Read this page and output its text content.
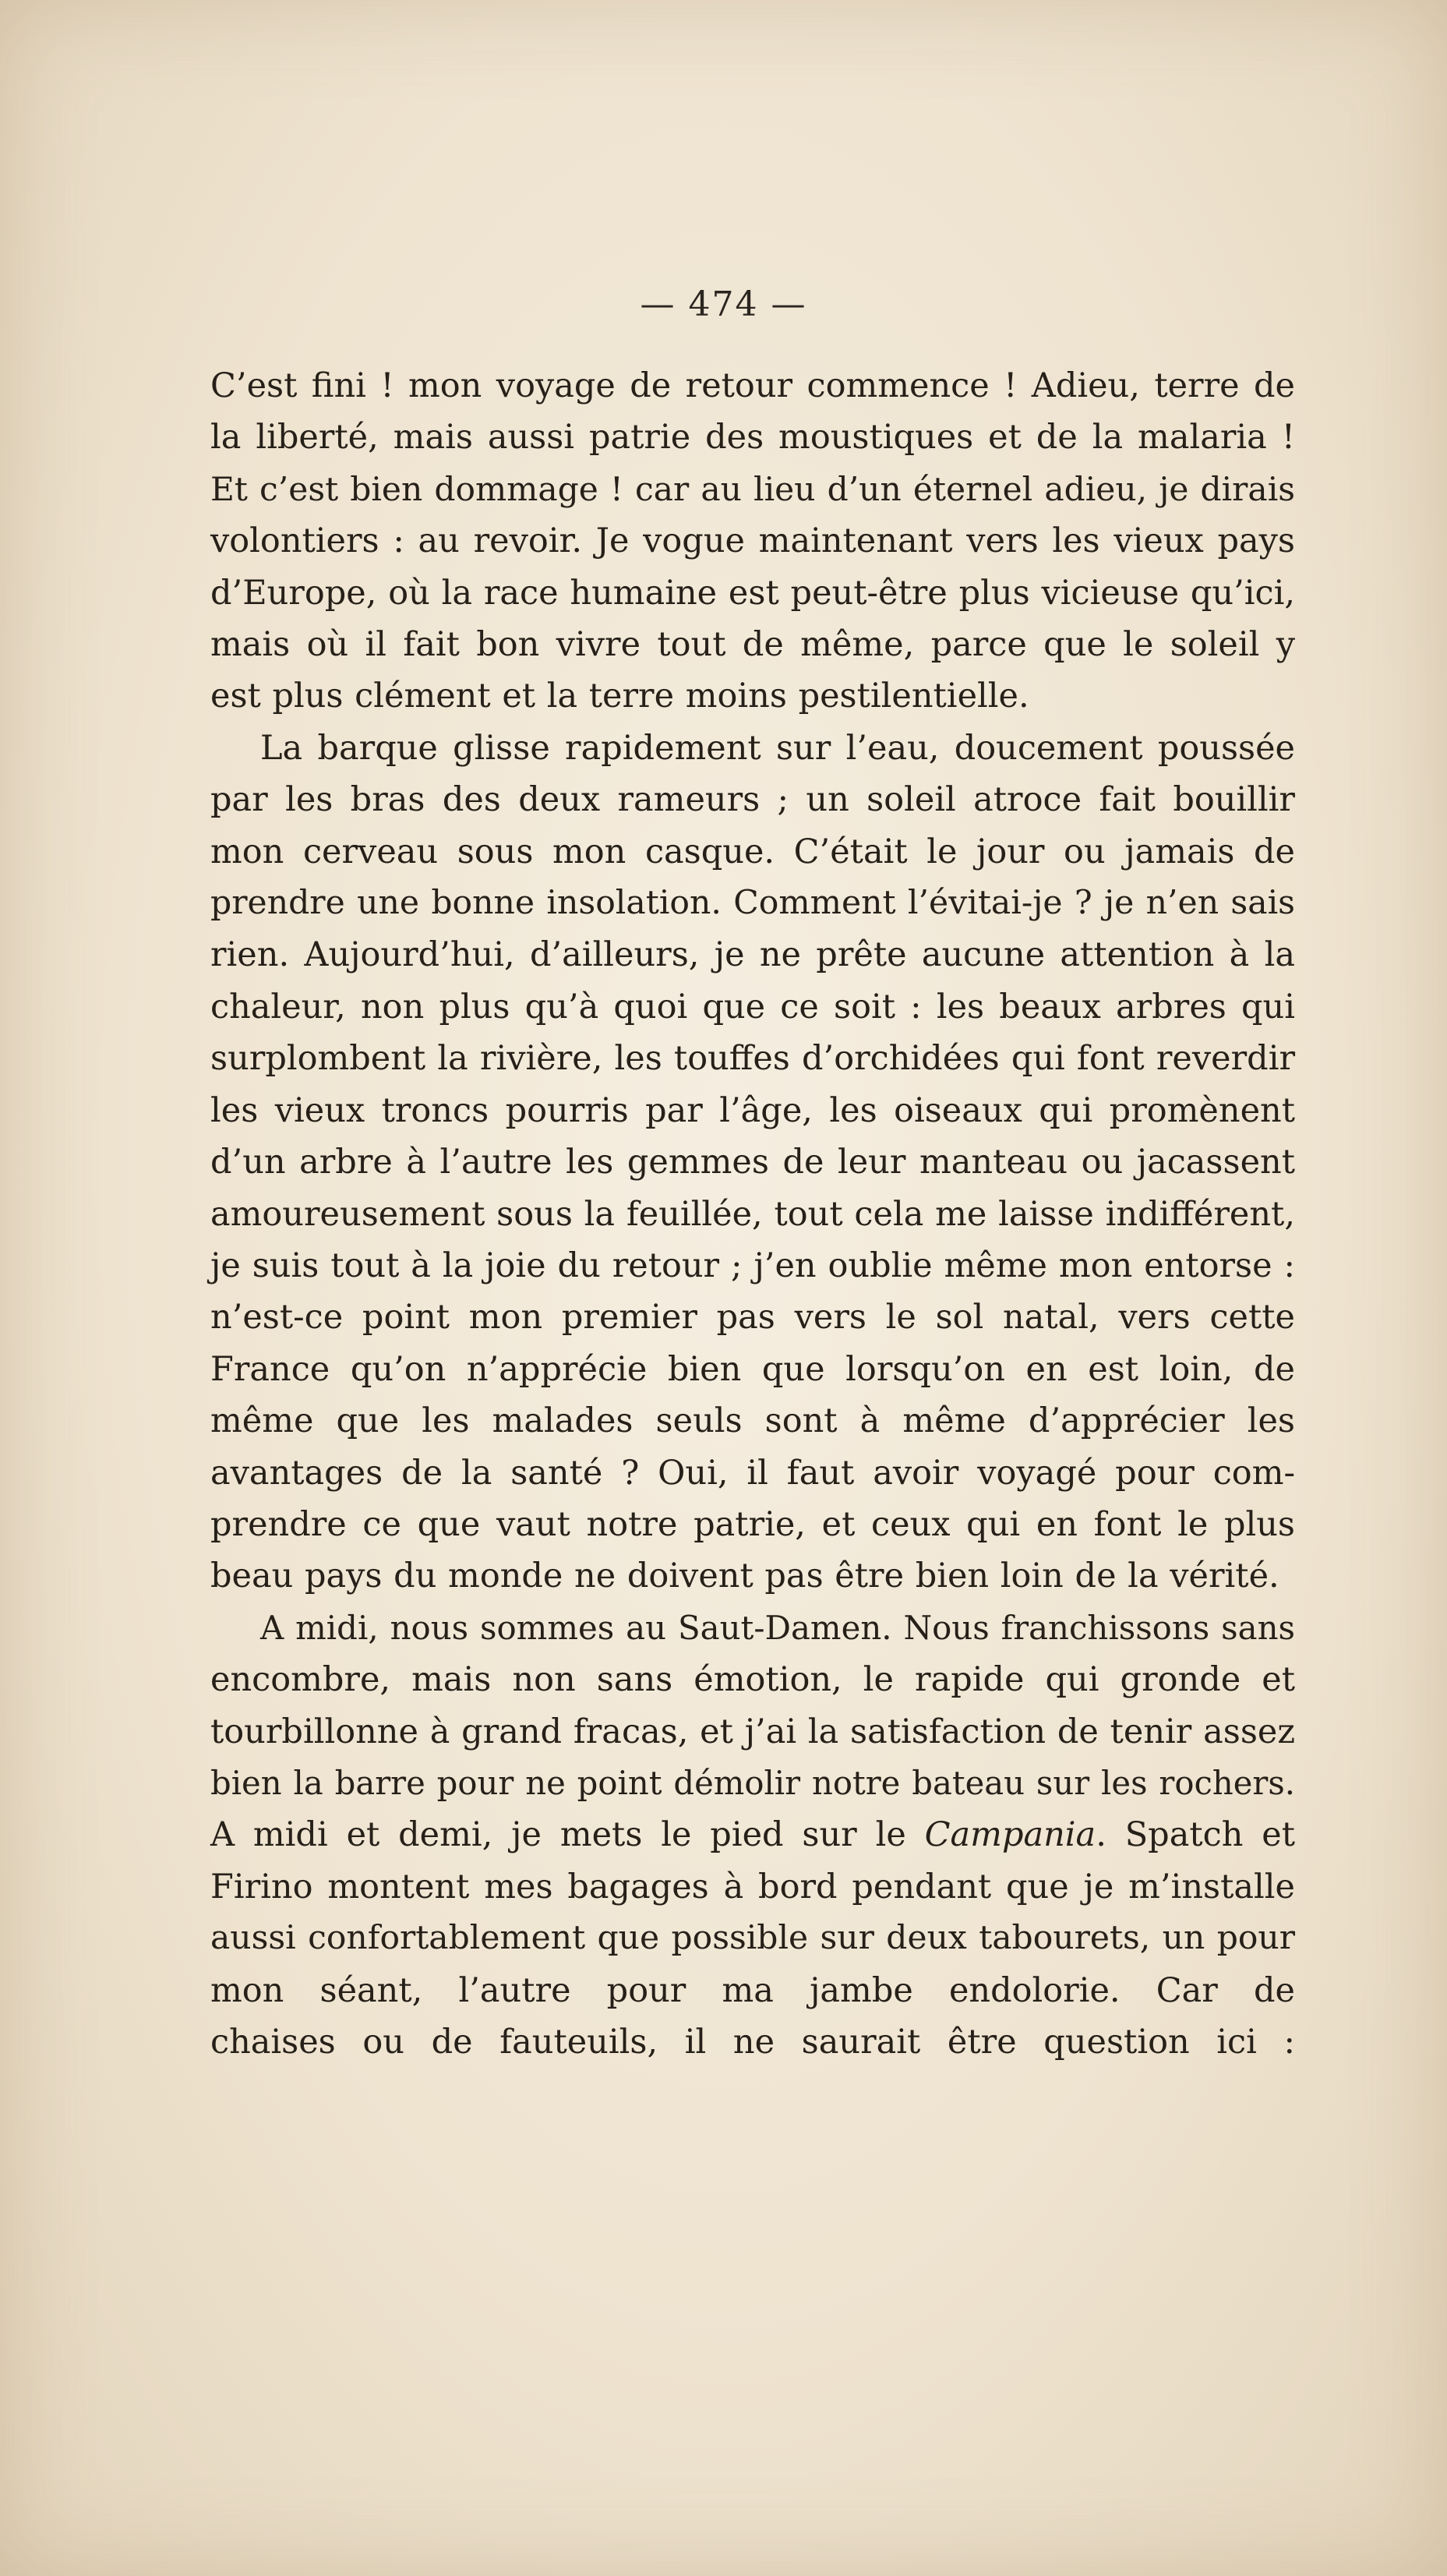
— 474 —

C’est fini ! mon voyage de retour commence ! Adieu, terre de
la liberté, mais aussi patrie des moustiques et de la malaria !
Et c’est bien dommage ! car au lieu d’un éternel adieu, je dirais
volontiers : au revoir. Je vogue maintenant vers les vieux pays
d’Europe, où la race humaine est peut-être plus vicieuse qu’ici,
mais où il fait bon vivre tout de même, parce que le soleil y
est plus clément et la terre moins pestilentielle.

La barque glisse rapidement sur l’eau, doucement poussée
par les bras des deux rameurs ; un soleil atroce fait bouillir
mon cerveau sous mon casque. C’était le jour ou jamais de
prendre une bonne insolation. Comment l’évitai-je ? je n’en sais
rien. Aujourd’hui, d’ailleurs, je ne prête aucune attention à la
chaleur, non plus qu’à quoi que ce soit : les beaux arbres qui
surplombent la rivière, les touffes d’orchidées qui font reverdir
les vieux troncs pourris par l’âge, les oiseaux qui promènent
d’un arbre à l’autre les gemmes de leur manteau ou jacassent
amoureusement sous la feuillée, tout cela me laisse indifférent,
je suis tout à la joie du retour ; j’en oublie même mon entorse :
n’est-ce point mon premier pas vers le sol natal, vers cette
France qu’on n’apprécie bien que lorsqu’on en est loin, de
même que les malades seuls sont à même d’apprécier les
avantages de la santé ? Oui, il faut avoir voyagé pour com-
prendre ce que vaut notre patrie, et ceux qui en font le plus
beau pays du monde ne doivent pas être bien loin de la vérité.

A midi, nous sommes au Saut-Damen. Nous franchissons sans
encombre, mais non sans émotion, le rapide qui gronde et
tourbillonne à grand fracas, et j’ai la satisfaction de tenir assez
bien la barre pour ne point démolir notre bateau sur les rochers.
A midi et demi, je mets le pied sur le Campania. Spatch et
Firino montent mes bagages à bord pendant que je m’installe
aussi confortablement que possible sur deux tabourets, un pour
mon séant, l’autre pour ma jambe endolorie. Car de
chaises ou de fauteuils, il ne saurait être question ici :
